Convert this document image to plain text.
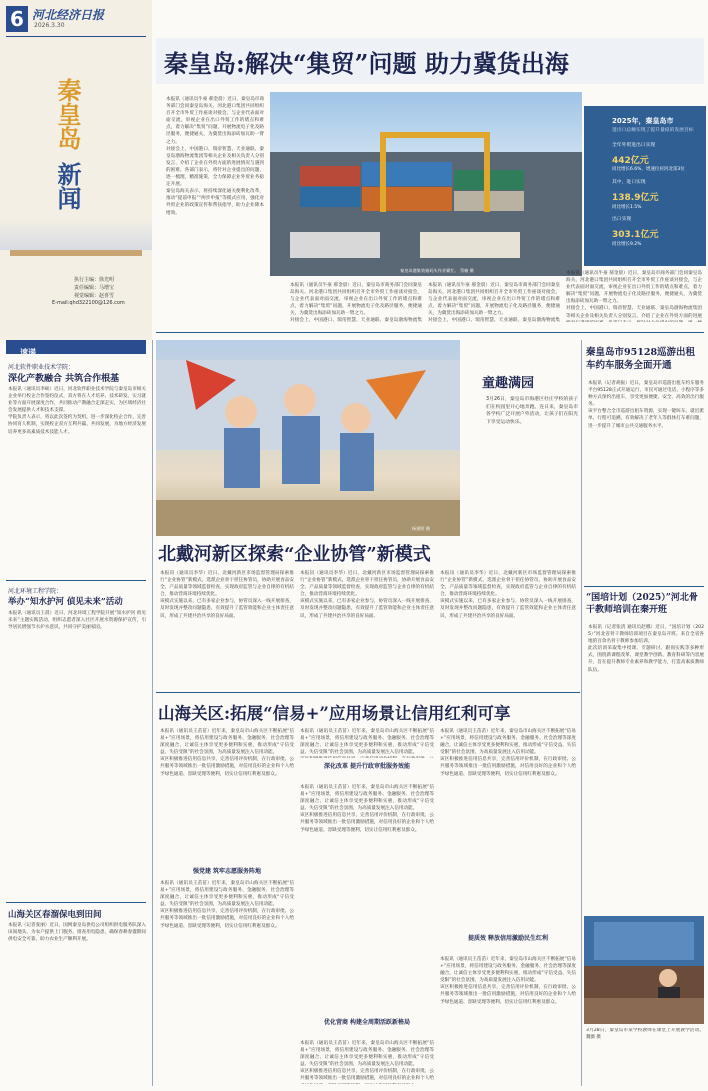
6 河北经济日报
2026.3.30
秦皇岛
新闻
执行主编：徐光明
责任编辑：马增宝
视觉编辑：赵喜雪
E-mail:qhd322100@126.com
速递
河北软件职业技术学院：
深化产教融合 共筑合作根基
本报讯（通讯员李硕）近日，河北软件职业技术学院与秦皇岛市相关企业举行校企合作签约仪式，双方将在人才培养、技术研发、实习就业等方面开展深度合作，共同推动产教融合走深走实，为区域经济社会发展提供人才和技术支撑。
学院负责人表示，将以此次签约为契机，进一步深化校企合作，完善协同育人机制，实现校企双方互利共赢、共同发展，为地方经济发展培养更多高素质技术技能人才。
河北环境工程学院：
举办“知水护河 偵见未来”活动
本报讯（通讯员王晨）近日，河北环境工程学院开展“知水护河 偵见未来”主题实践活动，组织志愿者深入社区开展水资源保护宣传，引导居民增强节水护水意识，共同守护美丽家园。
山海关区春溜保电到田间
本报讯（记者张丽）近日，国网秦皇岛供电公司组织供电服务队深入田间地头，为农户提供上门服务，排查用电隐患，确保春耕春灌期间供电安全可靠，助力农业生产顺利开展。
秦皇岛:解决“集贸”问题 助力冀货出海
本报讯（通讯员牛豪 郝金晨）近日，秦皇岛市商务部门会同秦皇岛海关、河北港口集团共同组织召开全市外贸工作座谈对接会，与企业代表面对面交流，审视企业在出口外贸工作的堵点和难点，着力解决“集贸”问题，开展物流电子化及路径服务，便捷通关，为冀货出海添砖加瓦助一臂之力。
对接会上，中国港口、瑞帝智慧、天业通联、秦皇岛渤海物流集团等相关企业及相关负责人分别发言，介绍了企业在外贸方面的进展情况与遇到的困难。各部门表示，将针对企业提出的问题，逐一梳理，精准施策，全力保障企业外贸业务稳定开展。
秦皇岛海关表示，将持续深化通关便利化改革，推动“提前申报”“两步申报”等模式应用，强化对外贸企业的政策宣传和帮扶指导，助力企业降本增效。
2025年，秦皇岛市
进出口总额实现了提升量稳的发展目标
全年外贸进出口实现
442亿元
同比增长6.6%，增速位居河北第3位
其中，进口实现
138.9亿元
同比增长1.5%
出口实现
303.1亿元
同比增长9.2%
秦皇岛港集装箱码头作业繁忙。 蔡楠 摄
本报讯（通讯员牛豪 郝金晨）近日，秦皇岛市商务部门会同秦皇岛海关、河北港口集团共同组织召开全市外贸工作座谈对接会，与企业代表面对面交流，审视企业在出口外贸工作的堵点和难点，着力解决“集贸”问题，开展物流电子化及路径服务，便捷通关，为冀货出海添砖加瓦助一臂之力。
对接会上，中国港口、瑞帝智慧、天业通联、秦皇岛渤海物流集

本报讯（通讯员牛豪 郝金晨）近日，秦皇岛市商务部门会同秦皇岛海关、河北港口集团共同组织召开全市外贸工作座谈对接会，与企业代表面对面交流，审视企业在出口外贸工作的堵点和难点，着力解决“集贸”问题，开展物流电子化及路径服务，便捷通关，为冀货出海添砖加瓦助一臂之力。
对接会上，中国港口、瑞帝智慧、天业通联、秦皇岛渤海物流集

本报讯（通讯员牛豪 郝金晨）近日，秦皇岛市商务部门会同秦皇岛海关、河北港口集团共同组织召开全市外贸工作座谈对接会，与企业代表面对面交流，审视企业在出口外贸工作的堵点和难点，着力解决“集贸”问题，开展物流电子化及路径服务，便捷通关，为冀货出海添砖加瓦助一臂之力。
对接会上，中国港口、瑞帝智慧、天业通联、秦皇岛渤海物流集团等相关企业及相关负责人分别发言，介绍了企业在外贸方面的进展

杨建明 摄
童趣满园
3月26日，秦皇岛市海港区杜庄学校的孩子们在校园里开心地奔跑。连日来，秦皇岛市各学校广泛开展户外活动，让孩子们在阳光下享受运动快乐。
秦皇岛市95128巡游出租车约车服务全面开通
本报讯（记者胡振）近日，秦皇岛市巡游出租车约车服务平台95128正式开通运行，市民可通过电话、小程序等多种方式预约出租车，享受更加便捷、安全、高效的出行服务。
该平台整合全市巡游出租车资源，实现一键叫车、就近派单、行程可追溯，有效解决了老年人等群体打车难问题，进一步提升了城市公共交通服务水平。
北戴河新区探索“企业协管”新模式
本报讯（通讯员李华）近日，北戴河新区市场监督管理局探索推行“企业协管”新模式，选派企业骨干担任协管员，协助开展食品安全、产品质量等领域监督检查，实现政府监管与企业自律的有机结合，推动营商环境持续优化。
该模式实施以来，已有多家企业参与，协管员深入一线开展排查，及时发现并整改问题隐患，有效提升了监管效能和企业主体责任意识，形成了共建共治共享的良好局面。
本报讯（通讯员李华）近日，北戴河新区市场监督管理局探索推行“企业协管”新模式，选派企业骨干担任协管员，协助开展食品安全、产品质量等领域监督检查，实现政府监管与企业自律的有机结合，推动营商环境持续优化。
该模式实施以来，已有多家企业参与，协管员深入一线开展排查，及时发现并整改问题隐患，有效提升了监管效能和企业主体责任意识，形成了共建共治共享的良好局面。
本报讯（通讯员李华）近日，北戴河新区市场监督管理局探索推行“企业协管”新模式，选派企业骨干担任协管员，协助开展食品安全、产品质量等领域监督检查，实现政府监管与企业自律的有机结合，推动营商环境持续优化。
该模式实施以来，已有多家企业参与，协管员深入一线开展排查，及时发现并整改问题隐患，有效提升了监管效能和企业主体责任意识，形成了共建共治共享的良好局面。
“国培计划（2025）”河北骨干教师培训在秦开班
本报讯（记者张清 通讯员赵娜）近日，“国培计划（2025）”河北省骨干教师培训项目在秦皇岛开班。来自全省各地的百余名骨干教师参加培训。
此次培训采取集中授课、专题研讨、跟岗实践等多种形式，围绕新课程改革、课堂教学创新、教育科研等内容展开，旨在提升教师专业素养和教学能力，打造高素质教师队伍。
3月28日，秦皇岛市某学校教师在课堂上开展教学活动。 魏薇 摄
山海关区:拓展“信易+”应用场景让信用红利可享
本报讯（通讯员王苗苗）近年来，秦皇岛市山海关区不断拓展“信易+”应用场景，将信用建设与政务服务、金融服务、社会治理等深度融合，让诚信主体享受更多便利和实惠，推动形成“守信受益、失信受限”的社会氛围，为高质量发展注入信用动能。
该区积极推进信用信息共享，完善信用评价机制，在行政审批、公共服务等领域推出一批信用激励措施，对信用良好的企业和个人给予绿色通道、容缺受理等便利，切实让信用红利惠及群众。
强党建 筑牢志愿服务阵地
本报讯（通讯员王苗苗）近年来，秦皇岛市山海关区不断拓展“信易+”应用场景，将信用建设与政务服务、金融服务、社会治理等深度融合，让诚信主体享受更多便利和实惠，推动形成“守信受益、失信受限”的社会氛围，为高质量发展注入信用动能。
该区积极推进信用信息共享，完善信用评价机制，在行政审批、公共服务等领域推出一批信用激励措施，对信用良好的企业和个人给予绿色通道、容缺受理等便利，切实让信用红利惠及群众。
本报讯（通讯员王苗苗）近年来，秦皇岛市山海关区不断拓展“信易+”应用场景，将信用建设与政务服务、金融服务、社会治理等深度融合，让诚信主体享受更多便利和实惠，推动形成“守信受益、失信受限”的社会氛围，为高质量发展注入信用动能。

深化改革 提升行政审批服务效能
本报讯（通讯员王苗苗）近年来，秦皇岛市山海关区不断拓展“信易+”应用场景，将信用建设与政务服务、金融服务、社会治理等深度融合，让诚信主体享受更多便利和实惠，推动形成“守信受益、失信受限”的社会氛围，为高质量发展注入信用动能。
该区积极推进信用信息共享，完善信用评价机制，在行政审批、公共服务等领域推出一批信用激励措施，对信用良好的企业和个人给予绿色通道、容缺受理等便利，切实让信用红利惠及群众。
优化营商 构建全周期活跃新格局
本报讯（通讯员王苗苗）近年来，秦皇岛市山海关区不断拓展“信易+”应用场景，将信用建设与政务服务、金融服务、社会治理等深度融合，让诚信主体享受更多便利和实惠，推动形成“守信受益、失信受限”的社会氛围，为高质量发展注入信用动能。
该区积极推进信用信息共享，完善信用评价机制，在行政审批、公共服务等领域推出一批信用激励措施，对信用良好的企业和个人给
本报讯（通讯员王苗苗）近年来，秦皇岛市山海关区不断拓展“信易+”应用场景，将信用建设与政务服务、金融服务、社会治理等深度融合，让诚信主体享受更多便利和实惠，推动形成“守信受益、失信受限”的社会氛围，为高质量发展注入信用动能。
该区积极推进信用信息共享，完善信用评价机制，在行政审批、公共服务等领域推出一批信用激励措施，对信用良好的企业和个人给予绿色通道、容缺受理等便利，切实让信用红利惠及群众。
提质效 释放信用激励民生红利
本报讯（通讯员王苗苗）近年来，秦皇岛市山海关区不断拓展“信易+”应用场景，将信用建设与政务服务、金融服务、社会治理等深度融合，让诚信主体享受更多便利和实惠，推动形成“守信受益、失信受限”的社会氛围，为高质量发展注入信用动能。
该区积极推进信用信息共享，完善信用评价机制，在行政审批、公共服务等领域推出一批信用激励措施，对信用良好的企业和个人给予绿色通道、容缺受理等便利，切实让信用红利惠及群众。
